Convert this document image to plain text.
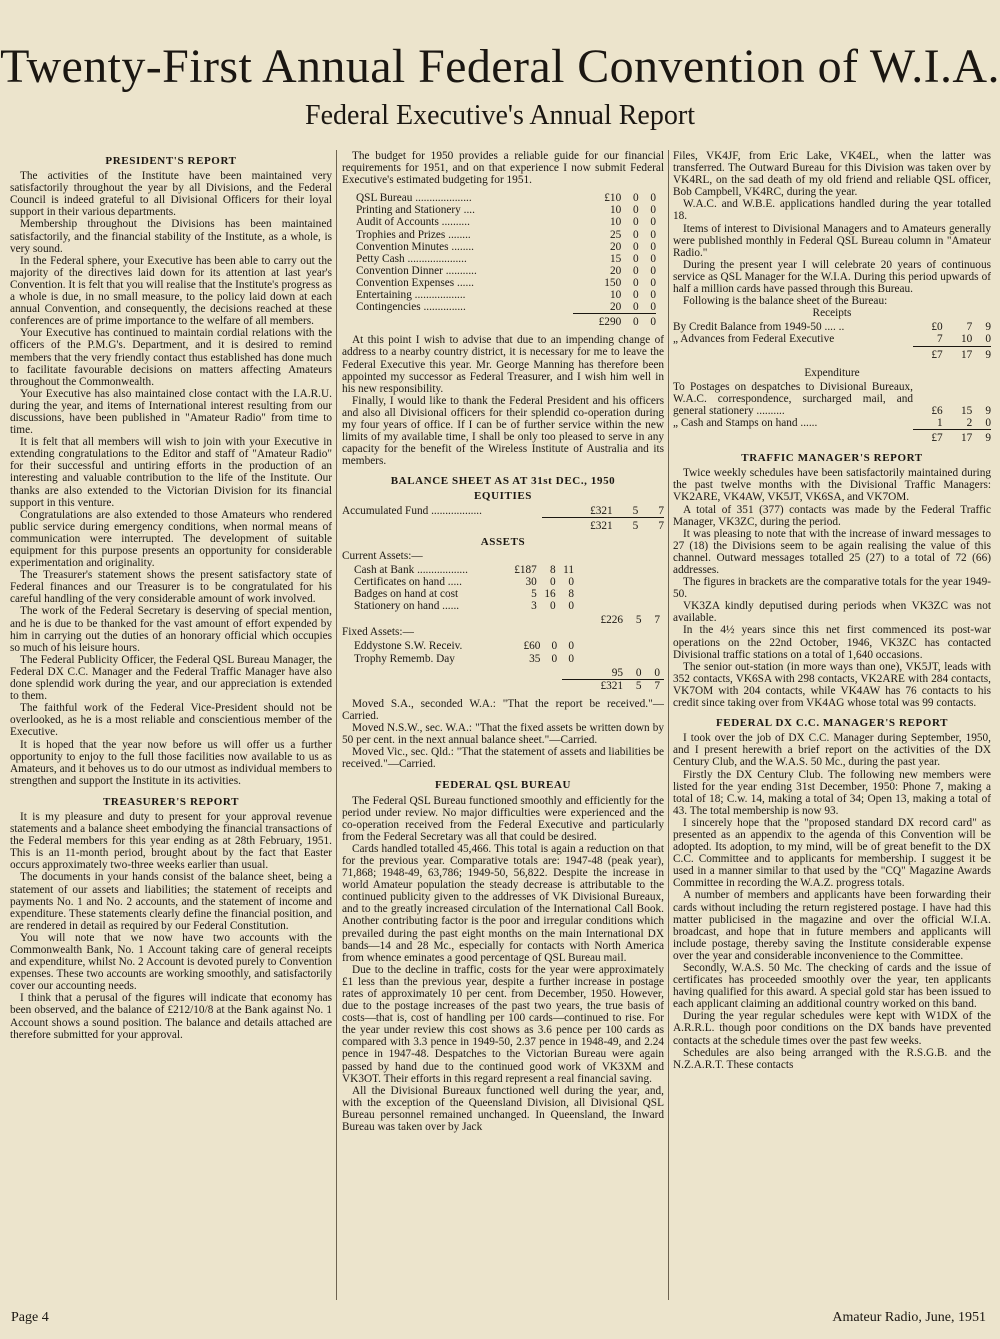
Twenty-First Annual Federal Convention of W.I.A.
Federal Executive's Annual Report
PRESIDENT'S REPORT

The activities of the Institute have been maintained very satisfactorily throughout the year by all Divisions, and the Federal Council is indeed grateful to all Divisional Officers for their loyal support in their various departments.

Membership throughout the Divisions has been maintained satisfactorily, and the financial stability of the Institute, as a whole, is very sound.

In the Federal sphere, your Executive has been able to carry out the majority of the directives laid down for its attention at last year's Convention. It is felt that you will realise that the Institute's progress as a whole is due, in no small measure, to the policy laid down at each annual Convention, and consequently, the decisions reached at these conferences are of prime importance to the welfare of all members.

Your Executive has continued to maintain cordial relations with the officers of the P.M.G's. Department, and it is desired to remind members that the very friendly contact thus established has done much to facilitate favourable decisions on matters affecting Amateurs throughout the Commonwealth.

Your Executive has also maintained close contact with the I.A.R.U. during the year, and items of International interest resulting from our discussions, have been published in "Amateur Radio" from time to time.

It is felt that all members will wish to join with your Executive in extending congratulations to the Editor and staff of "Amateur Radio" for their successful and untiring efforts in the production of an interesting and valuable contribution to the life of the Institute. Our thanks are also extended to the Victorian Division for its financial support in this venture.

Congratulations are also extended to those Amateurs who rendered public service during emergency conditions, when normal means of communication were interrupted. The development of suitable equipment for this purpose presents an opportunity for considerable experimentation and originality.

The Treasurer's statement shows the present satisfactory state of Federal finances and our Treasurer is to be congratulated for his careful handling of the very considerable amount of work involved.

The work of the Federal Secretary is deserving of special mention, and he is due to be thanked for the vast amount of effort expended by him in carrying out the duties of an honorary official which occupies so much of his leisure hours.

The Federal Publicity Officer, the Federal QSL Bureau Manager, the Federal DX C.C. Manager and the Federal Traffic Manager have also done splendid work during the year, and our appreciation is extended to them.

The faithful work of the Federal Vice-President should not be overlooked, as he is a most reliable and conscientious member of the Executive.

It is hoped that the year now before us will offer us a further opportunity to enjoy to the full those facilities now available to us as Amateurs, and it behoves us to do our utmost as individual members to strengthen and support the Institute in its activities.

TREASURER'S REPORT

It is my pleasure and duty to present for your approval revenue statements and a balance sheet embodying the financial transactions of the Federal members for this year ending as at 28th February, 1951. This is an 11-month period, brought about by the fact that Easter occurs approximately two-three weeks earlier than usual.

The documents in your hands consist of the balance sheet, being a statement of our assets and liabilities; the statement of receipts and payments No. 1 and No. 2 accounts, and the statement of income and expenditure. These statements clearly define the financial position, and are rendered in detail as required by our Federal Constitution.

You will note that we now have two accounts with the Commonwealth Bank, No. 1 Account taking care of general receipts and expenditure, whilst No. 2 Account is devoted purely to Convention expenses. These two accounts are working smoothly, and satisfactorily cover our accounting needs.

I think that a perusal of the figures will indicate that economy has been observed, and the balance of £212/10/8 at the Bank against No. 1 Account shows a sound position. The balance and details attached are therefore submitted for your approval.

The budget for 1950 provides a reliable guide for our financial requirements for 1951, and on that experience I now submit Federal Executive's estimated budgeting for 1951.

QSL Bureau ....................	£10	0	0
Printing and Stationery ....	10	0	0
Audit of Accounts ..........	10	0	0
Trophies and Prizes ........	25	0	0
Convention Minutes ........	20	0	0
Petty Cash .....................	15	0	0
Convention Dinner ...........	20	0	0
Convention Expenses ......	150	0	0
Entertaining ..................	10	0	0
Contingencies ...............	20	0	0
	£290	0	0

At this point I wish to advise that due to an impending change of address to a nearby country district, it is necessary for me to leave the Federal Executive this year. Mr. George Manning has therefore been appointed my successor as Federal Treasurer, and I wish him well in his new responsibility.

Finally, I would like to thank the Federal President and his officers and also all Divisional officers for their splendid co-operation during my four years of office. If I can be of further service within the new limits of my available time, I shall be only too pleased to serve in any capacity for the benefit of the Wireless Institute of Australia and its members.

BALANCE SHEET AS AT 31st DEC., 1950
EQUITIES
Accumulated Fund ..................	£321	5	7
	£321	5	7
ASSETS
Current Assets:—
Cash at Bank ..................	£187	8	11	
Certificates on hand .....	30	0	0	
Badges on hand at cost	5	16	8	
Stationery on hand ......	3	0	0	
£226 5 7
Fixed Assets:—
Eddystone S.W. Receiv.	£60	0	0	
Trophy Rememb. Day	35	0	0	
95 0 0
£321 5 7

Moved S.A., seconded W.A.: "That the report be received."—Carried.

Moved N.S.W., sec. W.A.: "That the fixed assets be written down by 50 per cent. in the next annual balance sheet."—Carried.

Moved Vic., sec. Qld.: "That the statement of assets and liabilities be received."—Carried.

FEDERAL QSL BUREAU

The Federal QSL Bureau functioned smoothly and efficiently for the period under review. No major difficulties were experienced and the co-operation received from the Federal Executive and particularly from the Federal Secretary was all that could be desired.

Cards handled totalled 45,466. This total is again a reduction on that for the previous year. Comparative totals are: 1947-48 (peak year), 71,868; 1948-49, 63,786; 1949-50, 56,822. Despite the increase in world Amateur population the steady decrease is attributable to the continued publicity given to the addresses of VK Divisional Bureaux, and to the greatly increased circulation of the International Call Book. Another contributing factor is the poor and irregular conditions which prevailed during the past eight months on the main International DX bands—14 and 28 Mc., especially for contacts with North America from whence eminates a good percentage of QSL Bureau mail.

Due to the decline in traffic, costs for the year were approximately £1 less than the previous year, despite a further increase in postage rates of approximately 10 per cent. from December, 1950. However, due to the postage increases of the past two years, the true basis of costs—that is, cost of handling per 100 cards—continued to rise. For the year under review this cost shows as 3.6 pence per 100 cards as compared with 3.3 pence in 1949-50, 2.37 pence in 1948-49, and 2.24 pence in 1947-48. Despatches to the Victorian Bureau were again passed by hand due to the continued good work of VK3XM and VK3OT. Their efforts in this regard represent a real financial saving.

All the Divisional Bureaux functioned well during the year, and, with the exception of the Queensland Division, all Divisional QSL Bureau personnel remained unchanged. In Queensland, the Inward Bureau was taken over by Jack

Files, VK4JF, from Eric Lake, VK4EL, when the latter was transferred. The Outward Bureau for this Division was taken over by VK4RL, on the sad death of my old friend and reliable QSL officer, Bob Campbell, VK4RC, during the year.

W.A.C. and W.B.E. applications handled during the year totalled 18.

Items of interest to Divisional Managers and to Amateurs generally were published monthly in Federal QSL Bureau column in "Amateur Radio."

During the present year I will celebrate 20 years of continuous service as QSL Manager for the W.I.A. During this period upwards of half a million cards have passed through this Bureau.

Following is the balance sheet of the Bureau:

Receipts
By Credit Balance from 1949-50 .... ..	£0	7	9
„ Advances from Federal Executive	7	10	0
	£7	17	9
Expenditure
To Postages on despatches to Divisional Bureaux, W.A.C. correspondence, surcharged mail, and general stationery ..........	£6	15	9
„ Cash and Stamps on hand ......	1	2	0
	£7	17	9
TRAFFIC MANAGER'S REPORT

Twice weekly schedules have been satisfactorily maintained during the past twelve months with the Divisional Traffic Managers: VK2ARE, VK4AW, VK5JT, VK6SA, and VK7OM.

A total of 351 (377) contacts was made by the Federal Traffic Manager, VK3ZC, during the period.

It was pleasing to note that with the increase of inward messages to 27 (18) the Divisions seem to be again realising the value of this channel. Outward messages totalled 25 (27) to a total of 72 (66) addresses.

The figures in brackets are the comparative totals for the year 1949-50.

VK3ZA kindly deputised during periods when VK3ZC was not available.

In the 4½ years since this net first commenced its post-war operations on the 22nd October, 1946, VK3ZC has contacted Divisional traffic stations on a total of 1,640 occasions.

The senior out-station (in more ways than one), VK5JT, leads with 352 contacts, VK6SA with 298 contacts, VK2ARE with 284 contacts, VK7OM with 204 contacts, while VK4AW has 76 contacts to his credit since taking over from VK4AG whose total was 99 contacts.

FEDERAL DX C.C. MANAGER'S REPORT

I took over the job of DX C.C. Manager during September, 1950, and I present herewith a brief report on the activities of the DX Century Club, and the W.A.S. 50 Mc., during the past year.

Firstly the DX Century Club. The following new members were listed for the year ending 31st December, 1950: Phone 7, making a total of 18; C.w. 14, making a total of 34; Open 13, making a total of 43. The total membership is now 93.

I sincerely hope that the "proposed standard DX record card" as presented as an appendix to the agenda of this Convention will be adopted. Its adoption, to my mind, will be of great benefit to the DX C.C. Committee and to applicants for membership. I suggest it be used in a manner similar to that used by the "CQ" Magazine Awards Committee in recording the W.A.Z. progress totals.

A number of members and applicants have been forwarding their cards without including the return registered postage. I have had this matter publicised in the magazine and over the official W.I.A. broadcast, and hope that in future members and applicants will include postage, thereby saving the Institute considerable expense over the year and considerable inconvenience to the Committee.

Secondly, W.A.S. 50 Mc. The checking of cards and the issue of certificates has proceeded smoothly over the year, ten applicants having qualified for this award. A special gold star has been issued to each applicant claiming an additional country worked on this band.

During the year regular schedules were kept with W1DX of the A.R.R.L. though poor conditions on the DX bands have prevented contacts at the schedule times over the past few weeks.

Schedules are also being arranged with the R.S.G.B. and the N.Z.A.R.T. These contacts

Page 4	Amateur Radio, June, 1951
